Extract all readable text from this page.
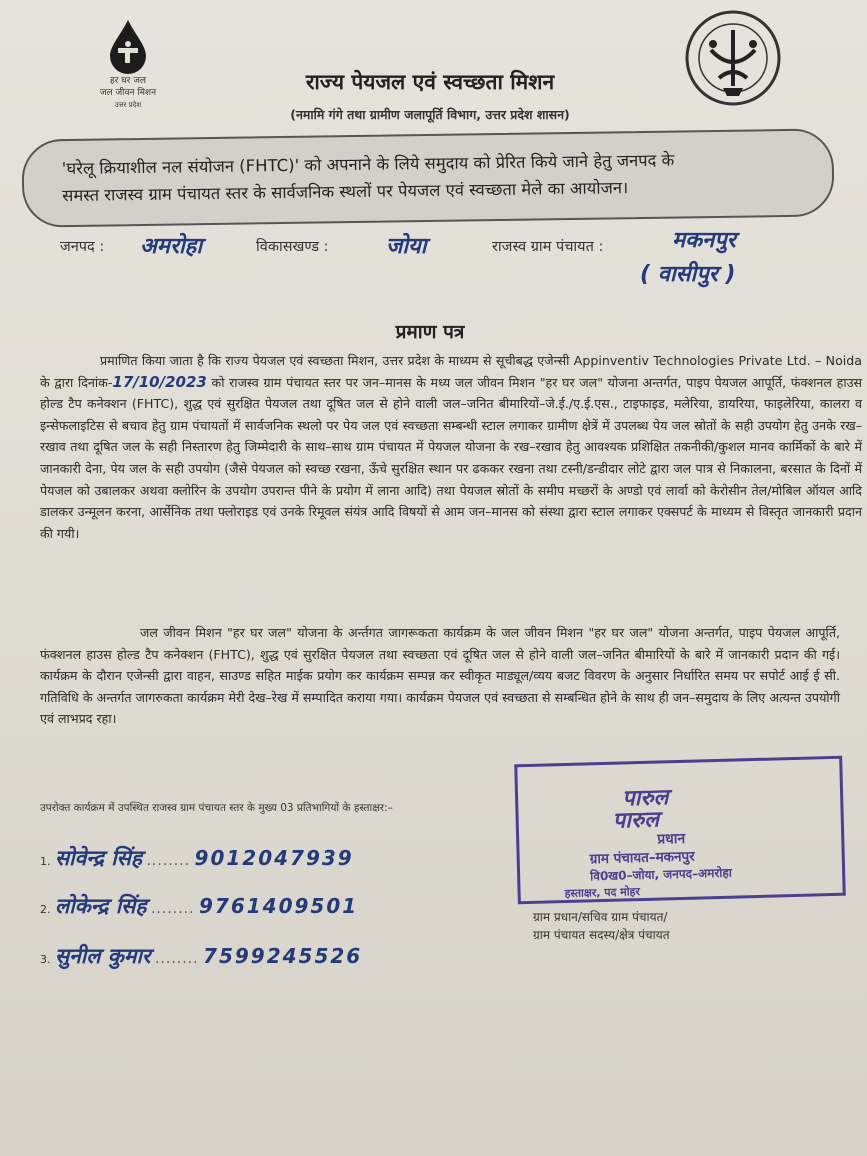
हर घर जल
जल जीवन मिशन
उत्तर प्रदेश
राज्य पेयजल एवं स्वच्छता मिशन
(नमामि गंगे तथा ग्रामीण जलापूर्ति विभाग, उत्तर प्रदेश शासन)
'घरेलू क्रियाशील नल संयोजन (FHTC)' को अपनाने के लिये समुदाय को प्रेरित किये जाने हेतु जनपद के
समस्त राजस्व ग्राम पंचायत स्तर के सार्वजनिक स्थलों पर पेयजल एवं स्वच्छता मेले का आयोजन।
जनपद : अमरोहा	विकासखण्ड :	जोया	राजस्व ग्राम पंचायत :	मकनपुर
( वासीपुर )
प्रमाण पत्र
प्रमाणित किया जाता है कि राज्य पेयजल एवं स्वच्छता मिशन, उत्तर प्रदेश के माध्यम से सूचीबद्ध एजेन्सी Appinventiv Technologies Private Ltd. – Noida के द्वारा दिनांक-17/10/2023 को राजस्व ग्राम पंचायत स्तर पर जन–मानस के मध्य जल जीवन मिशन "हर घर जल" योजना अन्तर्गत, पाइप पेयजल आपूर्ति, फंक्शनल हाउस होल्ड टैप कनेक्शन (FHTC), शुद्ध एवं सुरक्षित पेयजल तथा दूषित जल से होने वाली जल–जनित बीमारियों–जे.ई./ए.ई.एस., टाइफाइड, मलेरिया, डायरिया, फाइलेरिया, कालरा व इन्सेफलाइटिस से बचाव हेतु ग्राम पंचायतों में सार्वजनिक स्थलो पर पेय जल एवं स्वच्छता सम्बन्धी स्टाल लगाकर ग्रामीण क्षेत्रें में उपलब्ध पेय जल स्रोतों के सही उपयोग हेतु उनके रख–रखाव तथा दूषित जल के सही निस्तारण हेतु जिम्मेदारी के साथ–साथ ग्राम पंचायत में पेयजल योजना के रख–रखाव हेतु आवश्यक प्रशिक्षित तकनीकी/कुशल मानव कार्मिकों के बारे में जानकारी देना, पेय जल के सही उपयोग (जैसे पेयजल को स्वच्छ रखना, ऊँचे सुरक्षित स्थान पर ढककर रखना तथा टस्नी/डन्डीदार लोटे द्वारा जल पात्र से निकालना, बरसात के दिनों में पेयजल को उबालकर अथवा क्लोरिन के उपयोग उपरान्त पीने के प्रयोग में लाना आदि) तथा पेयजल स्रोतों के समीप मच्छरों के अण्डो एवं लार्वा को केरोसीन तेल/मोबिल ऑयल आदि डालकर उन्मूलन करना, आर्सेनिक तथा फ्लोराइड एवं उनके रिमूवल संयंत्र आदि विषयों से आम जन–मानस को संस्था द्वारा स्टाल लगाकर एक्सपर्ट के माध्यम से विस्तृत जानकारी प्रदान की गयी।
जल जीवन मिशन "हर घर जल" योजना के अर्न्तगत जागरूकता कार्यक्रम के जल जीवन मिशन "हर घर जल" योजना अन्तर्गत, पाइप पेयजल आपूर्ति, फंक्शनल हाउस होल्ड टैप कनेक्शन (FHTC), शुद्ध एवं सुरक्षित पेयजल तथा स्वच्छता एवं दूषित जल से होने वाली जल–जनित बीमारियों के बारे में जानकारी प्रदान की गई। कार्यक्रम के दौरान एजेन्सी द्वारा वाहन, साउण्ड सहित माईक प्रयोग कर कार्यक्रम सम्पन्न कर स्वीकृत माड्यूल/व्यय बजट विवरण के अनुसार निर्धारित समय पर सपोर्ट आई ई सी. गतिविधि के अन्तर्गत जागरुकता कार्यक्रम मेरी देख–रेख में सम्पादित कराया गया। कार्यक्रम पेयजल एवं स्वच्छता से सम्बन्धित होने के साथ ही जन–समुदाय के लिए अत्यन्त उपयोगी एवं लाभप्रद रहा।
उपरोक्त कार्यक्रम में उपस्थित राजस्व ग्राम पंचायत स्तर के मुख्य 03 प्रतिभागियों के हस्ताक्षर:–
1. सोवेन्द्र सिंह ........ 9012047939
2. लोकेन्द्र सिंह ........ 9761409501
3. सुनील कुमार ........ 7599245526
पारुल
पारुल
प्रधान
ग्राम पंचायत–मकनपुर
वि0ख0–जोया, जनपद–अमरोहा
हस्ताक्षर, पद मोहर
ग्राम प्रधान/सचिव ग्राम पंचायत/
ग्राम पंचायत सदस्य/क्षेत्र पंचायत
